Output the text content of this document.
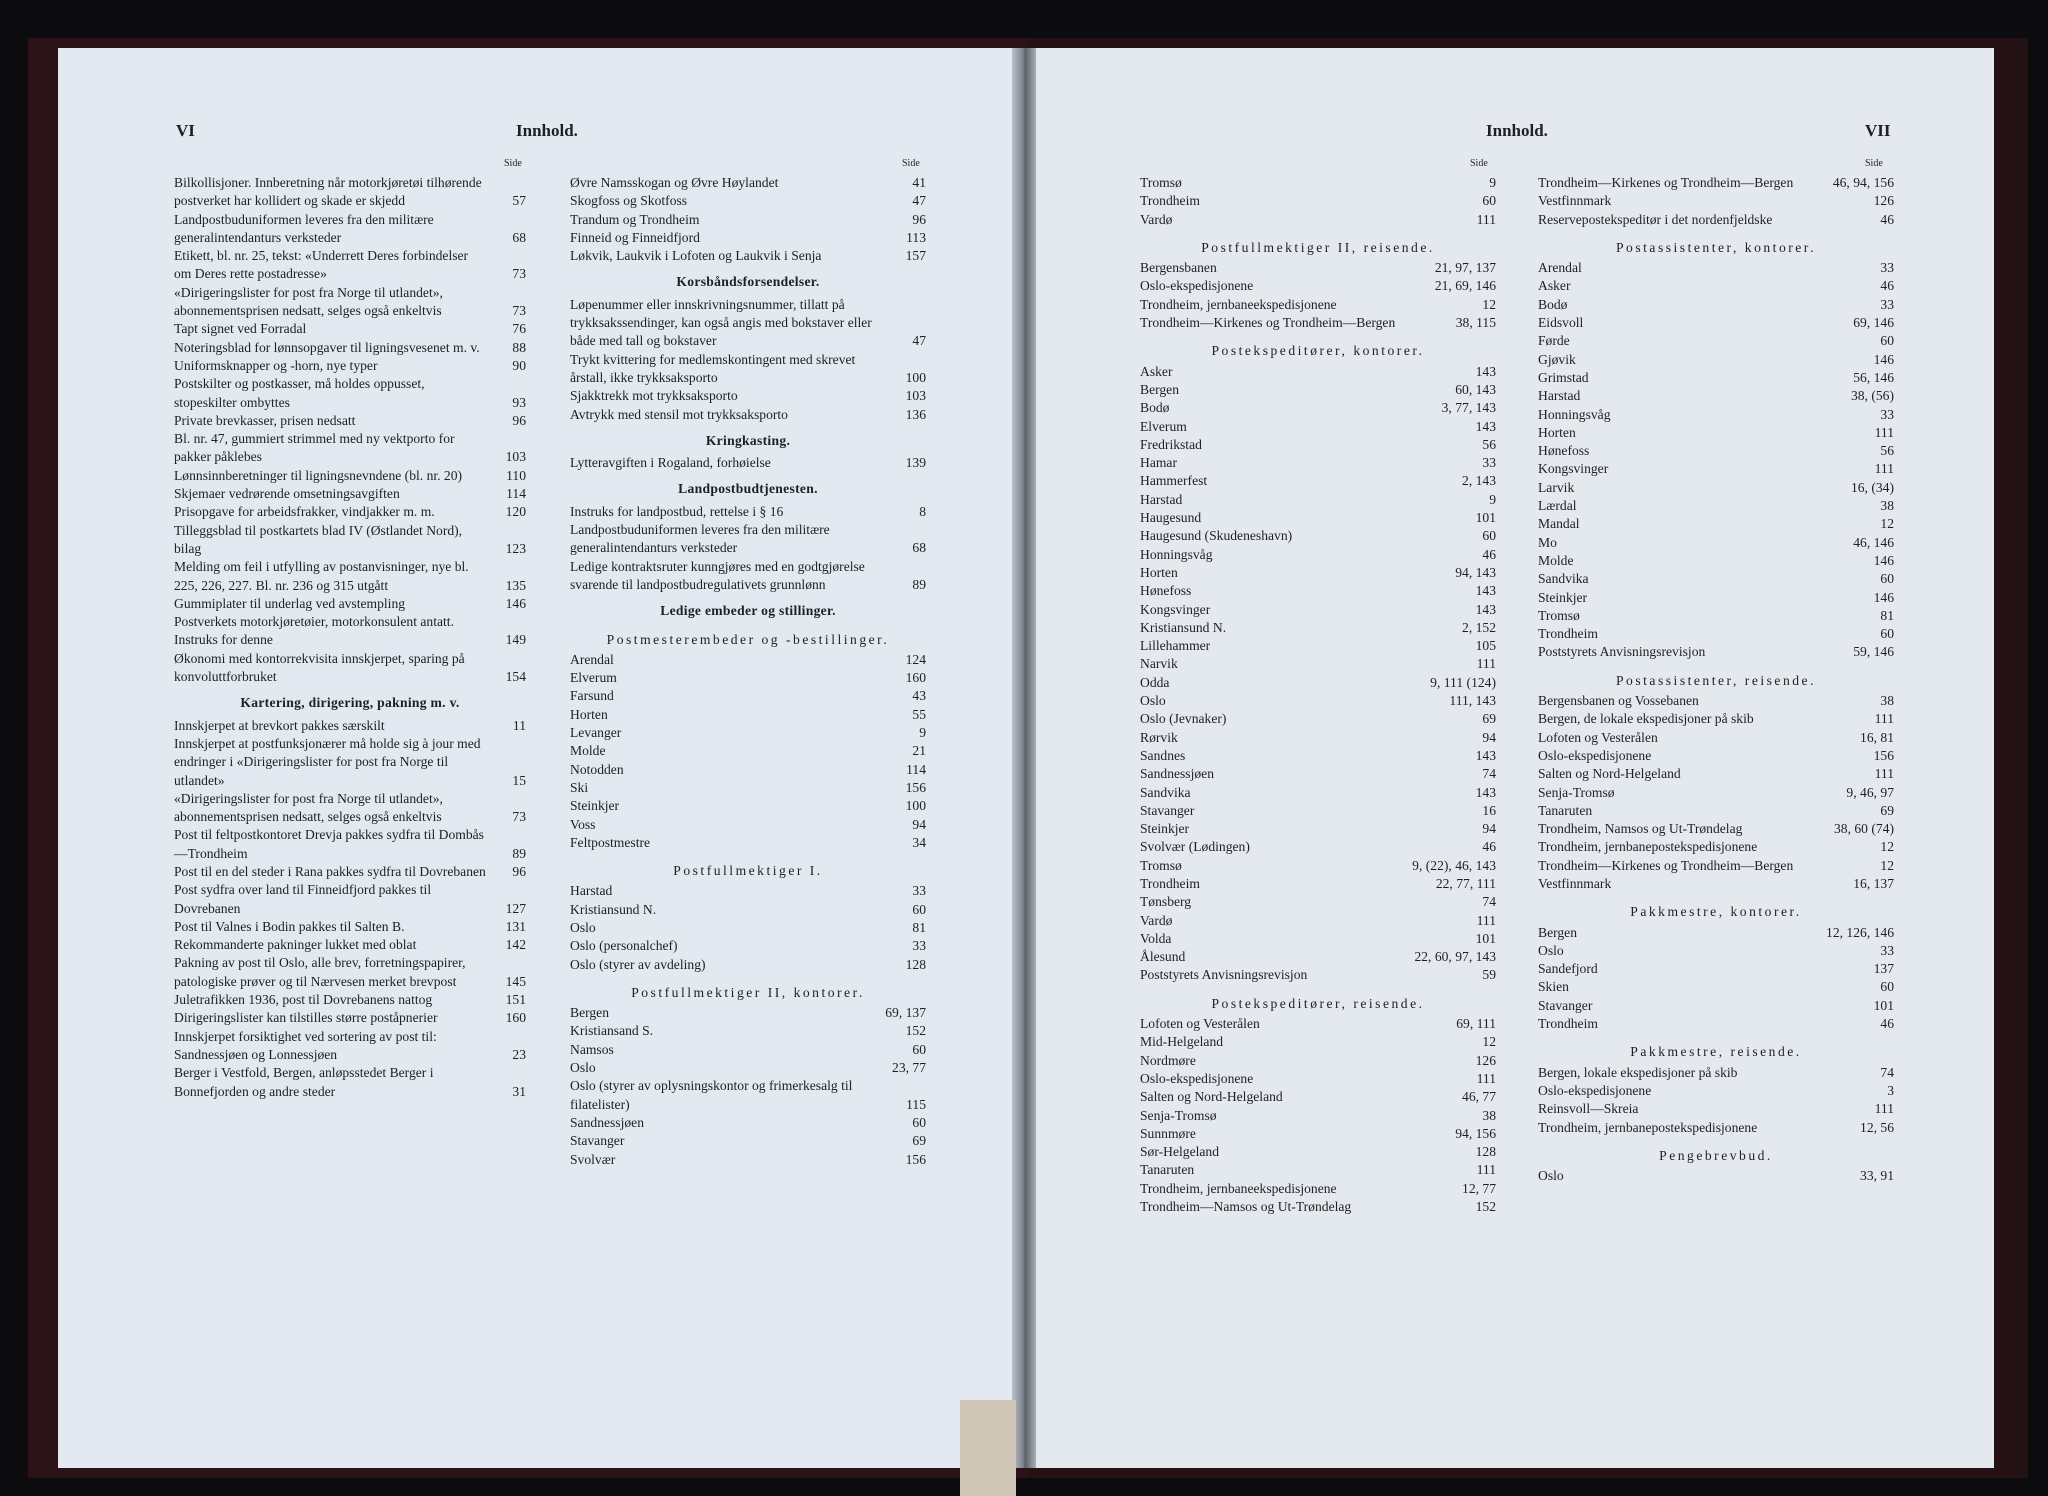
VI	Innhold.
Side	Side
Innhold.	VII
Side	Side
Bilkollisjoner. Innberetning når motorkjøretøi tilhørende postverket har kollidert og skade er skjedd	57
Landpostbuduniformen leveres fra den militære generalintendanturs verksteder	68
Etikett, bl. nr. 25, tekst: «Underrett Deres forbindelser om Deres rette postadresse»	73
«Dirigeringslister for post fra Norge til utlandet», abonnementsprisen nedsatt, selges også enkeltvis	73
Tapt signet ved Forradal	76
Noteringsblad for lønnsopgaver til ligningsvesenet m. v.	88
Uniformsknapper og -horn, nye typer	90
Postskilter og postkasser, må holdes oppusset, stopeskilter ombyttes	93
Private brevkasser, prisen nedsatt	96
Bl. nr. 47, gummiert strimmel med ny vektporto for pakker påklebes	103
Lønnsinnberetninger til ligningsnevndene (bl. nr. 20)	110
Skjemaer vedrørende omsetningsavgiften	114
Prisopgave for arbeidsfrakker, vindjakker m. m.	120
Tilleggsblad til postkartets blad IV (Østlandet Nord), bilag	123
Melding om feil i utfylling av postanvisninger, nye bl. 225, 226, 227. Bl. nr. 236 og 315 utgått	135
Gummiplater til underlag ved avstempling	146
Postverkets motorkjøretøier, motorkonsulent antatt. Instruks for denne	149
Økonomi med kontorrekvisita innskjerpet, sparing på konvoluttforbruket	154
Kartering, dirigering, pakning m. v.
Innskjerpet at brevkort pakkes særskilt	11
Innskjerpet at postfunksjonærer må holde sig à jour med endringer i «Dirigeringslister for post fra Norge til utlandet»	15
«Dirigeringslister for post fra Norge til utlandet», abonnementsprisen nedsatt, selges også enkeltvis	73
Post til feltpostkontoret Drevja pakkes sydfra til Dombås—Trondheim	89
Post til en del steder i Rana pakkes sydfra til Dovrebanen	96
Post sydfra over land til Finneidfjord pakkes til Dovrebanen	127
Post til Valnes i Bodin pakkes til Salten B.	131
Rekommanderte pakninger lukket med oblat	142
Pakning av post til Oslo, alle brev, forretningspapirer, patologiske prøver og til Nærvesen merket brevpost	145
Juletrafikken 1936, post til Dovrebanens nattog	151
Dirigeringslister kan tilstilles større poståpnerier	160
Innskjerpet forsiktighet ved sortering av post til: Sandnessjøen og Lonnessjøen	23
Berger i Vestfold, Bergen, anløpsstedet Berger i Bonnefjorden og andre steder	31
Øvre Namsskogan og Øvre Høylandet	41
Skogfoss og Skotfoss	47
Trandum og Trondheim	96
Finneid og Finneidfjord	113
Løkvik, Laukvik i Lofoten og Laukvik i Senja	157
Korsbåndsforsendelser.
Løpenummer eller innskrivningsnummer, tillatt på trykksakssendinger, kan også angis med bokstaver eller både med tall og bokstaver	47
Trykt kvittering for medlemskontingent med skrevet årstall, ikke trykksaksporto	100
Sjakktrekk mot trykksaksporto	103
Avtrykk med stensil mot trykksaksporto	136
Kringkasting.
Lytteravgiften i Rogaland, forhøielse	139
Landpostbudtjenesten.
Instruks for landpostbud, rettelse i § 16	8
Landpostbuduniformen leveres fra den militære generalintendanturs verksteder	68
Ledige kontraktsruter kunngjøres med en godtgjørelse svarende til landpostbudregulativets grunnlønn	89
Ledige embeder og stillinger.
Postmesterembeder og -bestillinger.
Arendal	124
Elverum	160
Farsund	43
Horten	55
Levanger	9
Molde	21
Notodden	114
Ski	156
Steinkjer	100
Voss	94
Feltpostmestre	34
Postfullmektiger I.
Harstad	33
Kristiansund N.	60
Oslo	81
Oslo (personalchef)	33
Oslo (styrer av avdeling)	128
Postfullmektiger II, kontorer.
Bergen	69, 137
Kristiansand S.	152
Namsos	60
Oslo	23, 77
Oslo (styrer av oplysningskontor og frimerkesalg til filatelister)	115
Sandnessjøen	60
Stavanger	69
Svolvær	156
Tromsø	9
Trondheim	60
Vardø	111
Postfullmektiger II, reisende.
Bergensbanen	21, 97, 137
Oslo-ekspedisjonene	21, 69, 146
Trondheim, jernbaneekspedisjonene	12
Trondheim—Kirkenes og Trondheim—Bergen	38, 115
Postekspeditører, kontorer.
Asker	143
Bergen	60, 143
Bodø	3, 77, 143
Elverum	143
Fredrikstad	56
Hamar	33
Hammerfest	2, 143
Harstad	9
Haugesund	101
Haugesund (Skudeneshavn)	60
Honningsvåg	46
Horten	94, 143
Hønefoss	143
Kongsvinger	143
Kristiansund N.	2, 152
Lillehammer	105
Narvik	111
Odda	9, 111 (124)
Oslo	111, 143
Oslo (Jevnaker)	69
Rørvik	94
Sandnes	143
Sandnessjøen	74
Sandvika	143
Stavanger	16
Steinkjer	94
Svolvær (Lødingen)	46
Tromsø	9, (22), 46, 143
Trondheim	22, 77, 111
Tønsberg	74
Vardø	111
Volda	101
Ålesund	22, 60, 97, 143
Poststyrets Anvisningsrevisjon	59
Postekspeditører, reisende.
Lofoten og Vesterålen	69, 111
Mid-Helgeland	12
Nordmøre	126
Oslo-ekspedisjonene	111
Salten og Nord-Helgeland	46, 77
Senja-Tromsø	38
Sunnmøre	94, 156
Sør-Helgeland	128
Tanaruten	111
Trondheim, jernbaneekspedisjonene	12, 77
Trondheim—Namsos og Ut-Trøndelag	152
Trondheim—Kirkenes og Trondheim—Bergen	46, 94, 156
Vestfinnmark	126
Reservepostekspeditør i det nordenfjeldske	46
Postassistenter, kontorer.
Arendal	33
Asker	46
Bodø	33
Eidsvoll	69, 146
Førde	60
Gjøvik	146
Grimstad	56, 146
Harstad	38, (56)
Honningsvåg	33
Horten	111
Hønefoss	56
Kongsvinger	111
Larvik	16, (34)
Lærdal	38
Mandal	12
Mo	46, 146
Molde	146
Sandvika	60
Steinkjer	146
Tromsø	81
Trondheim	60
Poststyrets Anvisningsrevisjon	59, 146
Postassistenter, reisende.
Bergensbanen og Vossebanen	38
Bergen, de lokale ekspedisjoner på skib	111
Lofoten og Vesterålen	16, 81
Oslo-ekspedisjonene	156
Salten og Nord-Helgeland	111
Senja-Tromsø	9, 46, 97
Tanaruten	69
Trondheim, Namsos og Ut-Trøndelag	38, 60 (74)
Trondheim, jernbanepostekspedisjonene	12
Trondheim—Kirkenes og Trondheim—Bergen	12
Vestfinnmark	16, 137
Pakkmestre, kontorer.
Bergen	12, 126, 146
Oslo	33
Sandefjord	137
Skien	60
Stavanger	101
Trondheim	46
Pakkmestre, reisende.
Bergen, lokale ekspedisjoner på skib	74
Oslo-ekspedisjonene	3
Reinsvoll—Skreia	111
Trondheim, jernbanepostekspedisjonene	12, 56
Pengebrevbud.
Oslo	33, 91
